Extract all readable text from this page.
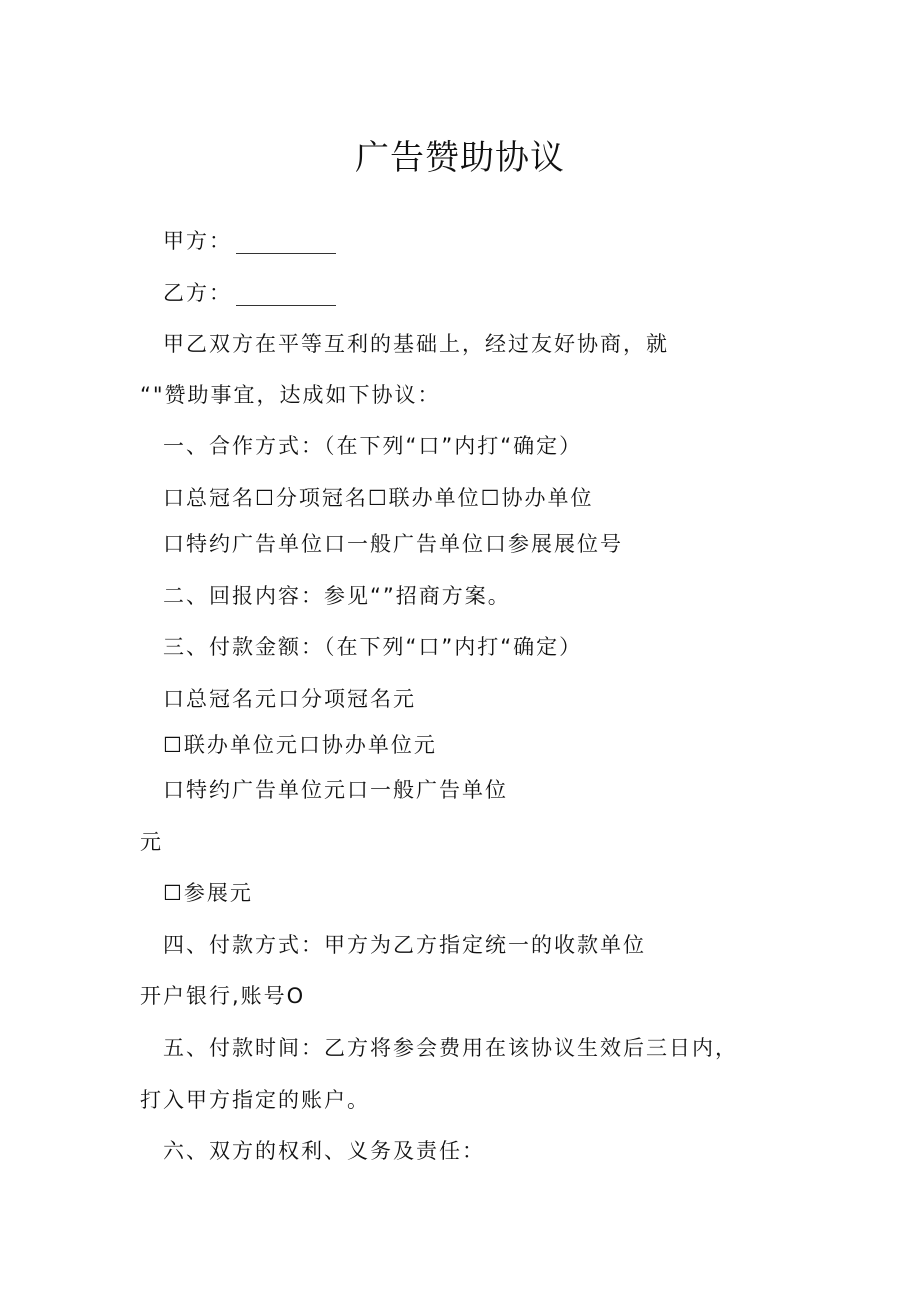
广告赞助协议
甲方：
乙方：
甲乙双方在平等互利的基础上，经过友好协商，就
“"赞助事宜，达成如下协议：
一、合作方式：（在下列“口”内打“确定）
口总冠名☐分项冠名☐联办单位☐协办单位
口特约广告单位口一般广告单位口参展展位号
二、回报内容：参见“”招商方案。
三、付款金额：（在下列“口”内打“确定）
口总冠名元口分项冠名元
☐联办单位元口协办单位元
口特约广告单位元口一般广告单位
元
☐参展元
四、付款方式：甲方为乙方指定统一的收款单位
开户银行,账号O
五、付款时间：乙方将参会费用在该协议生效后三日内，
打入甲方指定的账户。
六、双方的权利、义务及责任：
